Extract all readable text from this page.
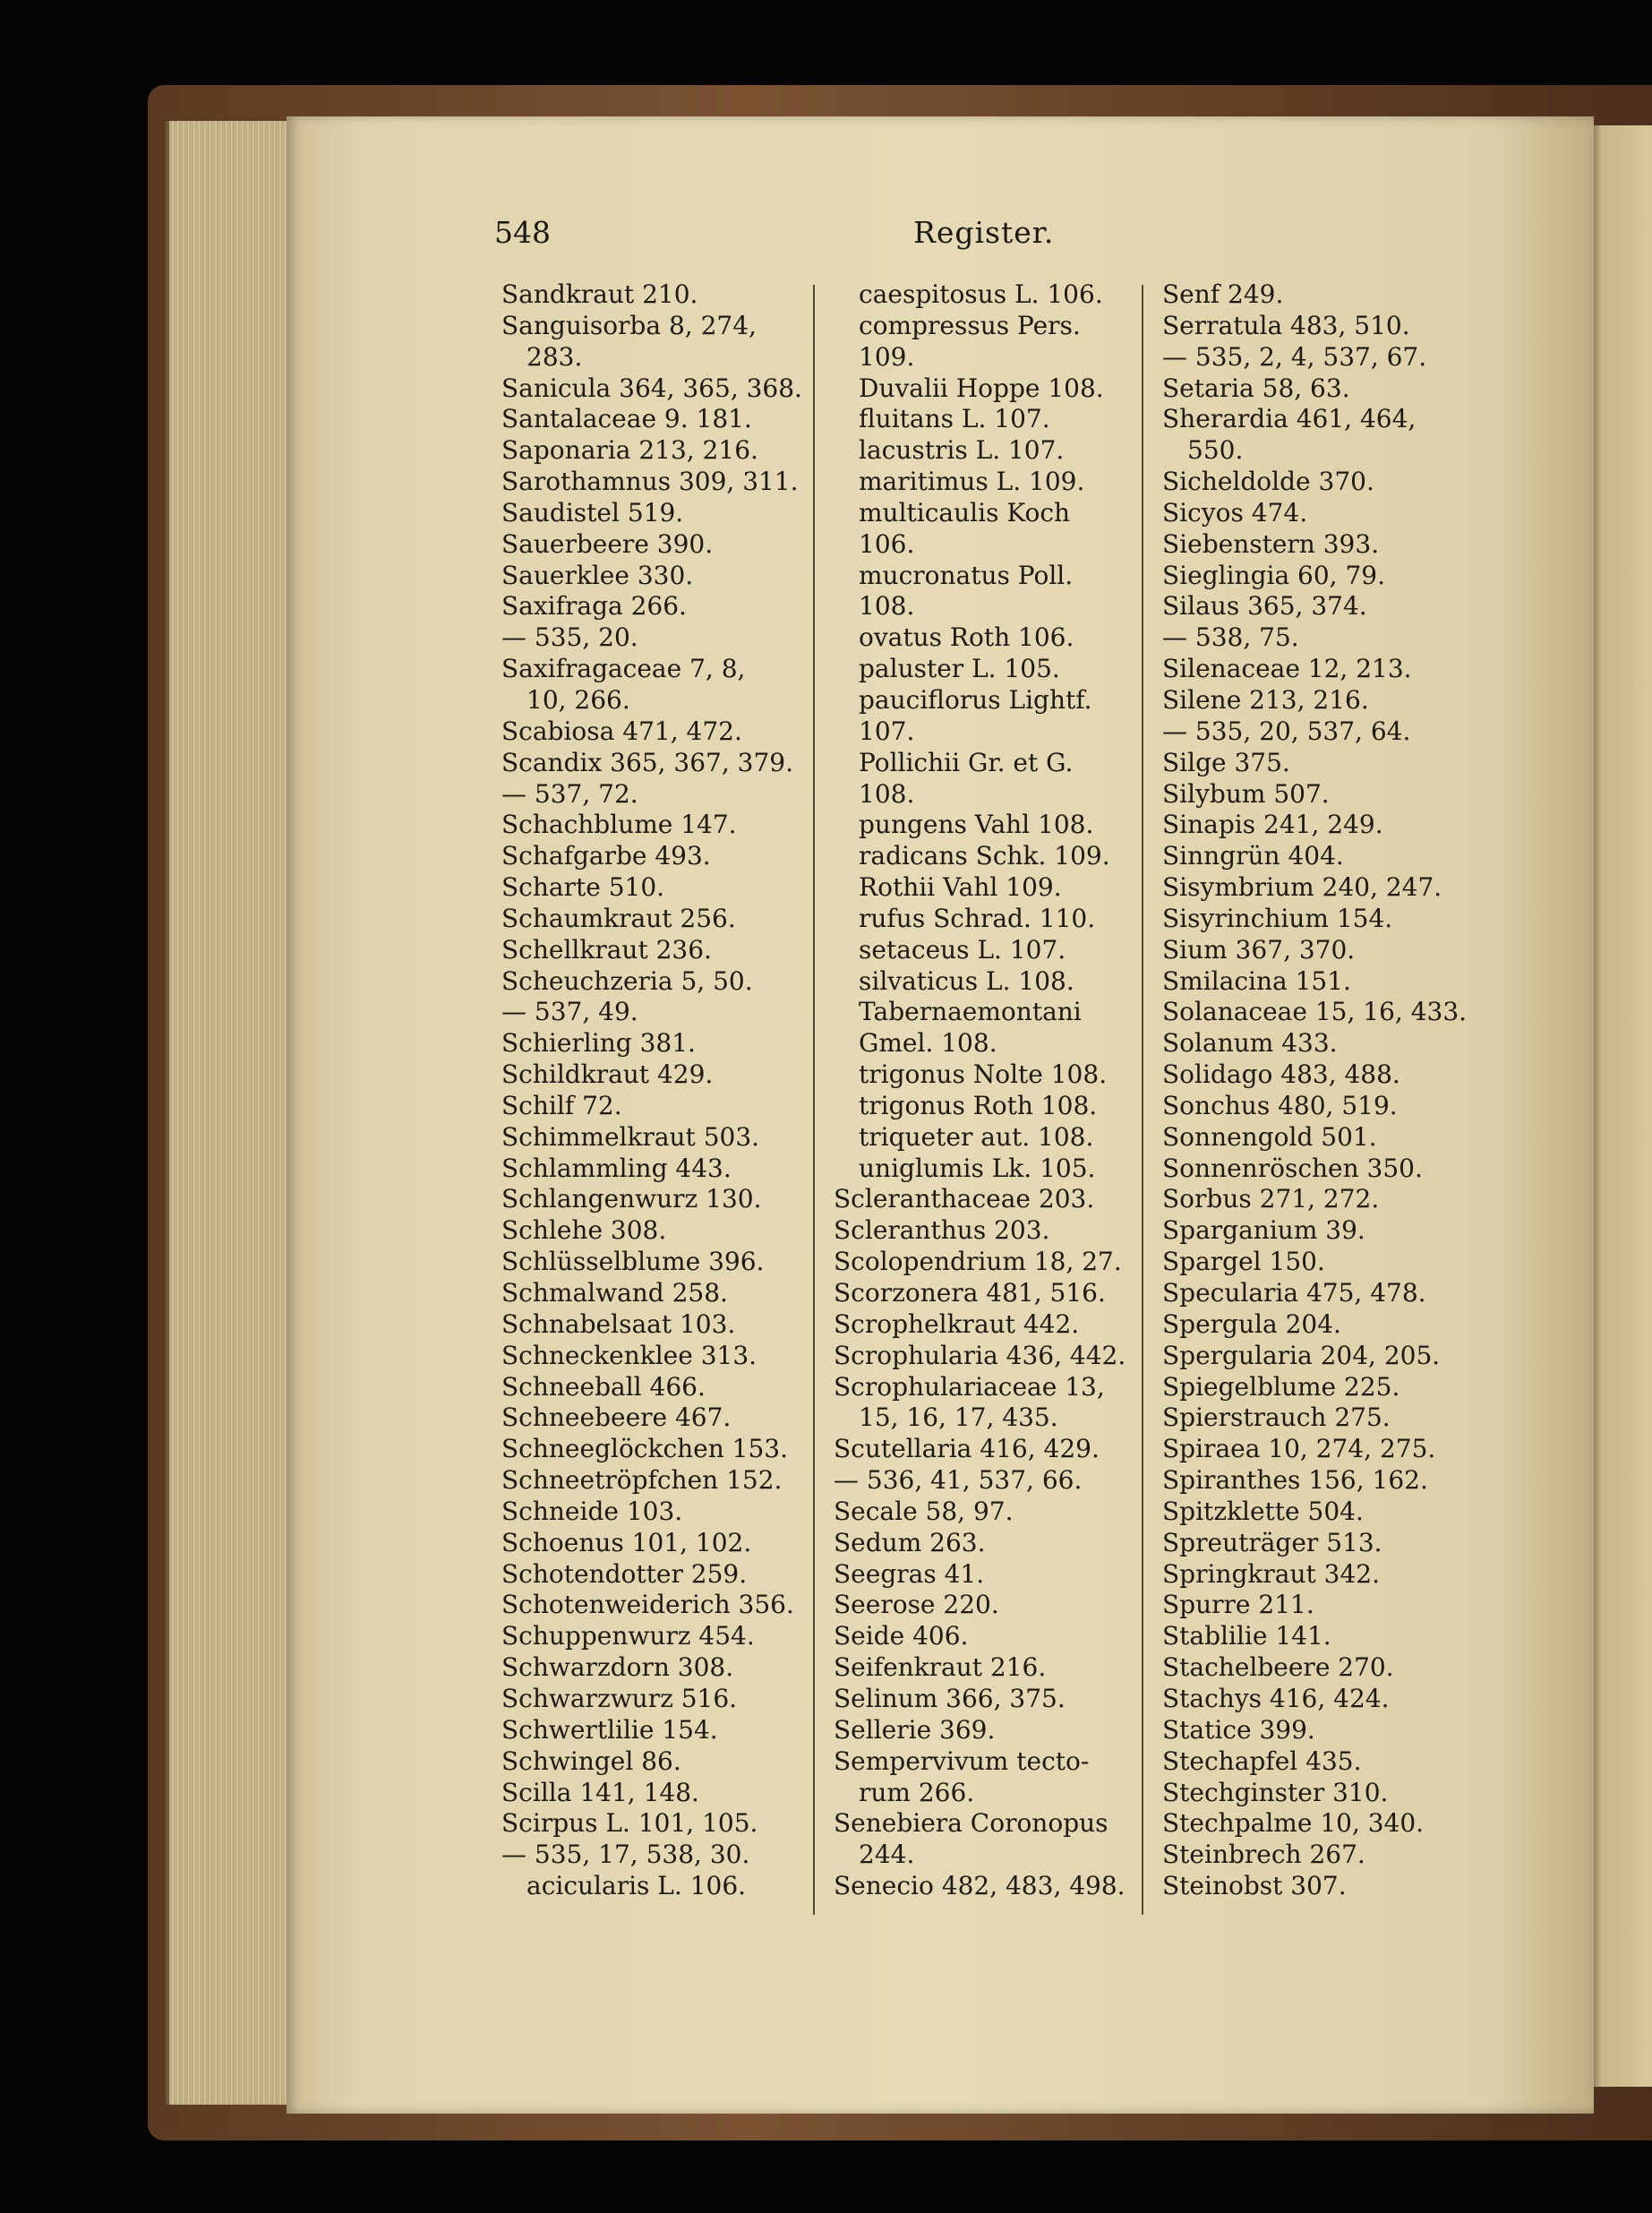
548	Register.
Sandkraut 210.
Sanguisorba 8, 274,
283.
Sanicula 364, 365, 368.
Santalaceae 9. 181.
Saponaria 213, 216.
Sarothamnus 309, 311.
Saudistel 519.
Sauerbeere 390.
Sauerklee 330.
Saxifraga 266.
— 535, 20.
Saxifragaceae 7, 8,
10, 266.
Scabiosa 471, 472.
Scandix 365, 367, 379.
— 537, 72.
Schachblume 147.
Schafgarbe 493.
Scharte 510.
Schaumkraut 256.
Schellkraut 236.
Scheuchzeria 5, 50.
— 537, 49.
Schierling 381.
Schildkraut 429.
Schilf 72.
Schimmelkraut 503.
Schlammling 443.
Schlangenwurz 130.
Schlehe 308.
Schlüsselblume 396.
Schmalwand 258.
Schnabelsaat 103.
Schneckenklee 313.
Schneeball 466.
Schneebeere 467.
Schneeglöckchen 153.
Schneetröpfchen 152.
Schneide 103.
Schoenus 101, 102.
Schotendotter 259.
Schotenweiderich 356.
Schuppenwurz 454.
Schwarzdorn 308.
Schwarzwurz 516.
Schwertlilie 154.
Schwingel 86.
Scilla 141, 148.
Scirpus L. 101, 105.
— 535, 17, 538, 30.
acicularis L. 106.
caespitosus L. 106.
compressus Pers.
109.
Duvalii Hoppe 108.
fluitans L. 107.
lacustris L. 107.
maritimus L. 109.
multicaulis Koch
106.
mucronatus Poll.
108.
ovatus Roth 106.
paluster L. 105.
pauciflorus Lightf.
107.
Pollichii Gr. et G.
108.
pungens Vahl 108.
radicans Schk. 109.
Rothii Vahl 109.
rufus Schrad. 110.
setaceus L. 107.
silvaticus L. 108.
Tabernaemontani
Gmel. 108.
trigonus Nolte 108.
trigonus Roth 108.
triqueter aut. 108.
uniglumis Lk. 105.
Scleranthaceae 203.
Scleranthus 203.
Scolopendrium 18, 27.
Scorzonera 481, 516.
Scrophelkraut 442.
Scrophularia 436, 442.
Scrophulariaceae 13,
15, 16, 17, 435.
Scutellaria 416, 429.
— 536, 41, 537, 66.
Secale 58, 97.
Sedum 263.
Seegras 41.
Seerose 220.
Seide 406.
Seifenkraut 216.
Selinum 366, 375.
Sellerie 369.
Sempervivum tecto-
rum 266.
Senebiera Coronopus
244.
Senecio 482, 483, 498.
Senf 249.
Serratula 483, 510.
— 535, 2, 4, 537, 67.
Setaria 58, 63.
Sherardia 461, 464,
550.
Sicheldolde 370.
Sicyos 474.
Siebenstern 393.
Sieglingia 60, 79.
Silaus 365, 374.
— 538, 75.
Silenaceae 12, 213.
Silene 213, 216.
— 535, 20, 537, 64.
Silge 375.
Silybum 507.
Sinapis 241, 249.
Sinngrün 404.
Sisymbrium 240, 247.
Sisyrinchium 154.
Sium 367, 370.
Smilacina 151.
Solanaceae 15, 16, 433.
Solanum 433.
Solidago 483, 488.
Sonchus 480, 519.
Sonnengold 501.
Sonnenröschen 350.
Sorbus 271, 272.
Sparganium 39.
Spargel 150.
Specularia 475, 478.
Spergula 204.
Spergularia 204, 205.
Spiegelblume 225.
Spierstrauch 275.
Spiraea 10, 274, 275.
Spiranthes 156, 162.
Spitzklette 504.
Spreuträger 513.
Springkraut 342.
Spurre 211.
Stablilie 141.
Stachelbeere 270.
Stachys 416, 424.
Statice 399.
Stechapfel 435.
Stechginster 310.
Stechpalme 10, 340.
Steinbrech 267.
Steinobst 307.
